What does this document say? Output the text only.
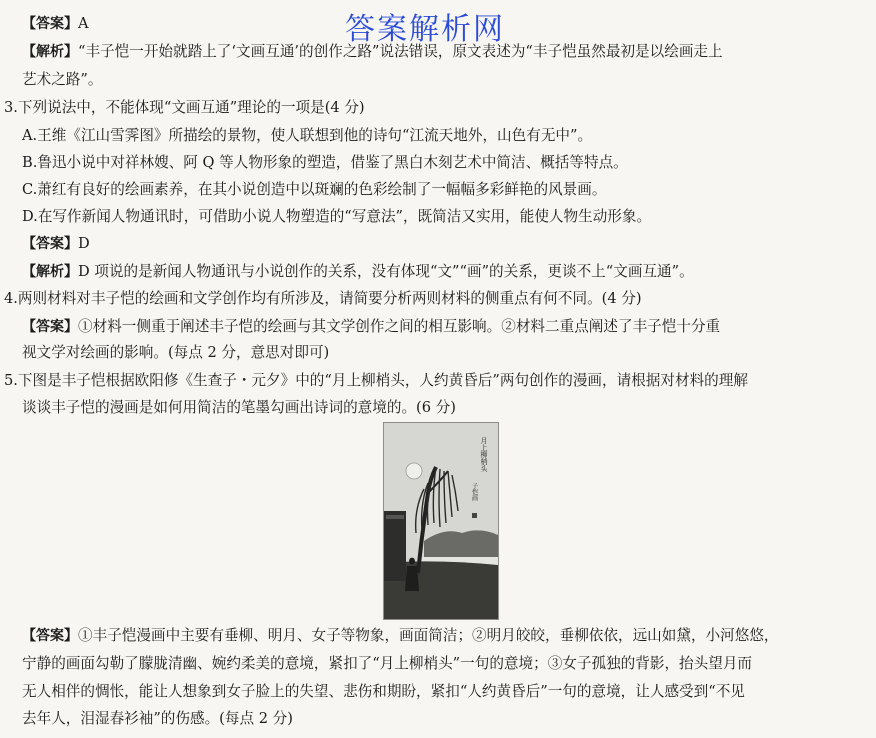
答案解析网
【答案】A
【解析】“丰子恺一开始就踏上了‘文画互通’的创作之路”说法错误，原文表述为“丰子恺虽然最初是以绘画走上
艺术之路”。
3.下列说法中，不能体现“文画互通”理论的一项是(4 分)
A.王维《江山雪霁图》所描绘的景物，使人联想到他的诗句“江流天地外，山色有无中”。
B.鲁迅小说中对祥林嫂、阿 Q 等人物形象的塑造，借鉴了黑白木刻艺术中简洁、概括等特点。
C.萧红有良好的绘画素养，在其小说创造中以斑斓的色彩绘制了一幅幅多彩鲜艳的风景画。
D.在写作新闻人物通讯时，可借助小说人物塑造的“写意法”，既简洁又实用，能使人物生动形象。
【答案】D
【解析】D 项说的是新闻人物通讯与小说创作的关系，没有体现“文”“画”的关系，更谈不上“文画互通”。
4.两则材料对丰子恺的绘画和文学创作均有所涉及，请简要分析两则材料的侧重点有何不同。(4 分)
【答案】①材料一侧重于阐述丰子恺的绘画与其文学创作之间的相互影响。②材料二重点阐述了丰子恺十分重
视文学对绘画的影响。(每点 2 分，意思对即可)
5.下图是丰子恺根据欧阳修《生查子・元夕》中的“月上柳梢头，人约黄昏后”两句创作的漫画，请根据对材料的理解
谈谈丰子恺的漫画是如何用简洁的笔墨勾画出诗词的意境的。(6 分)
月上柳梢头
子恺画
【答案】①丰子恺漫画中主要有垂柳、明月、女子等物象，画面简洁；②明月皎皎，垂柳依依，远山如黛，小河悠悠，
宁静的画面勾勒了朦胧清幽、婉约柔美的意境，紧扣了“月上柳梢头”一句的意境；③女子孤独的背影，抬头望月而
无人相伴的惆怅，能让人想象到女子脸上的失望、悲伤和期盼，紧扣“人约黄昏后”一句的意境，让人感受到“不见
去年人，泪湿春衫袖”的伤感。(每点 2 分)
